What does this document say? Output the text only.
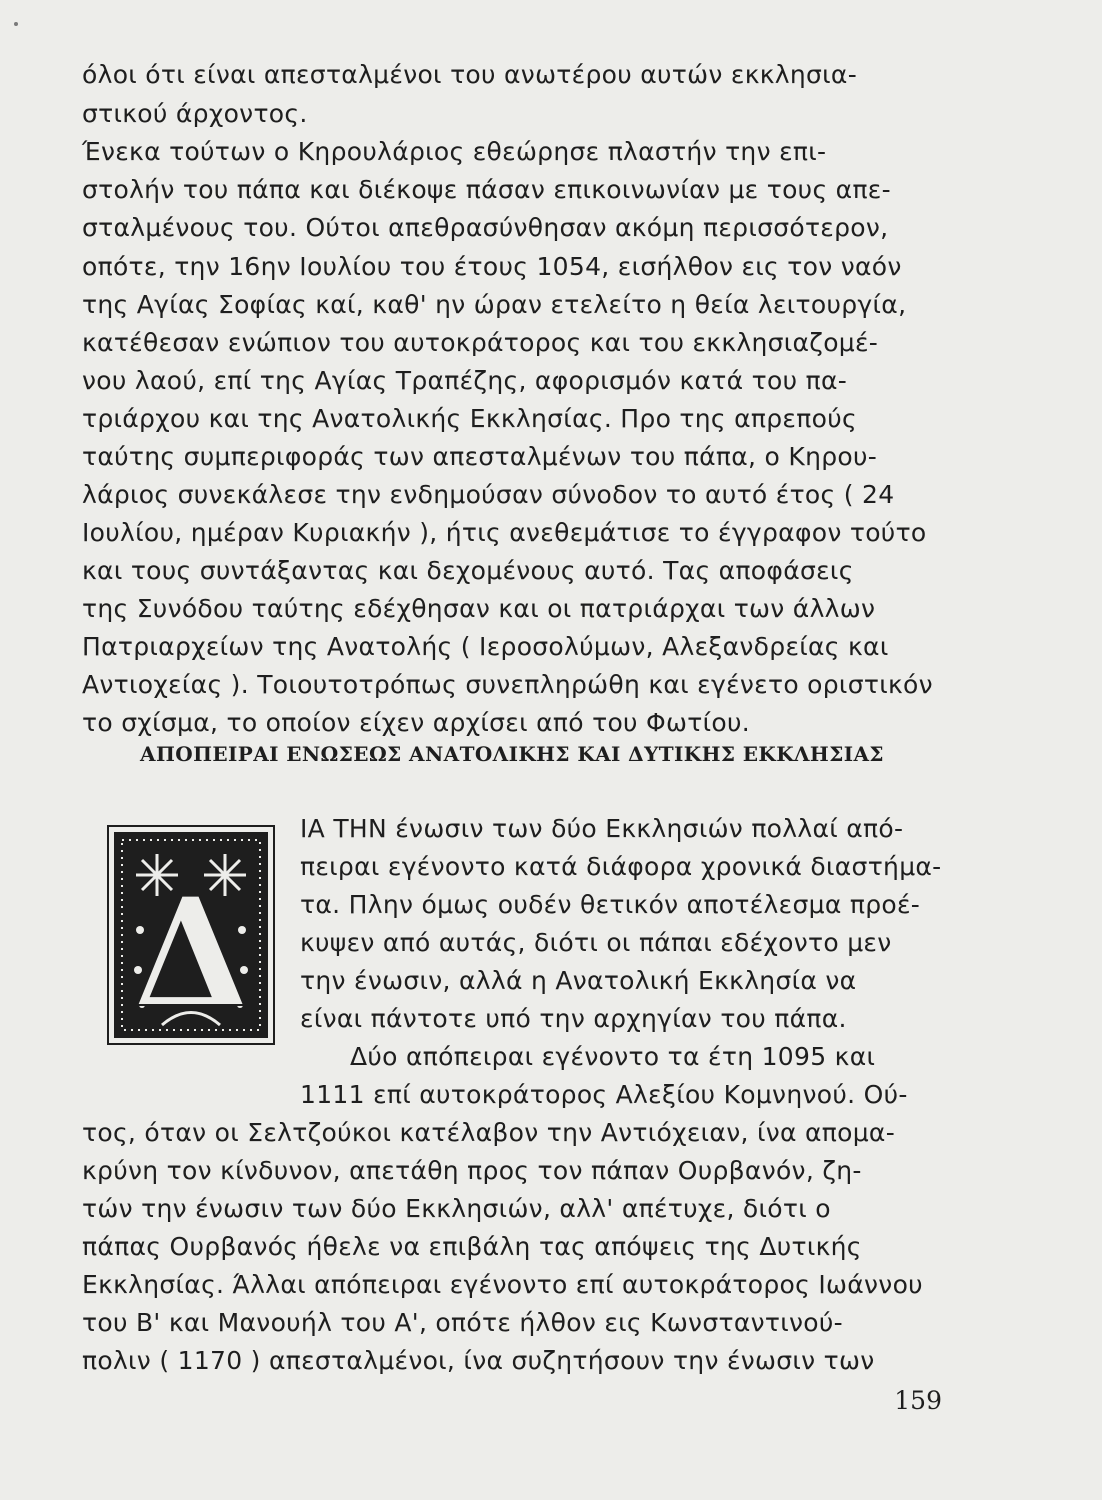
όλοι ότι είναι απεσταλμένοι του ανωτέρου αυτών εκκλησια-
στικού άρχοντος.
Ένεκα τούτων ο Κηρουλάριος εθεώρησε πλαστήν την επι-
στολήν του πάπα και διέκοψε πάσαν επικοινωνίαν με τους απε-
σταλμένους του. Ούτοι απεθρασύνθησαν ακόμη περισσότερον,
οπότε, την 16ην Ιουλίου του έτους 1054, εισήλθον εις τον ναόν
της Αγίας Σοφίας καί, καθ' ην ώραν ετελείτο η θεία λειτουργία,
κατέθεσαν ενώπιον του αυτοκράτορος και του εκκλησιαζομέ-
νου λαού, επί της Αγίας Τραπέζης, αφορισμόν κατά του πα-
τριάρχου και της Ανατολικής Εκκλησίας. Προ της απρεπούς
ταύτης συμπεριφοράς των απεσταλμένων του πάπα, ο Κηρου-
λάριος συνεκάλεσε την ενδημούσαν σύνοδον το αυτό έτος ( 24
Ιουλίου, ημέραν Κυριακήν ), ήτις ανεθεμάτισε το έγγραφον τούτο
και τους συντάξαντας και δεχομένους αυτό. Τας αποφάσεις
της Συνόδου ταύτης εδέχθησαν και οι πατριάρχαι των άλλων
Πατριαρχείων της Ανατολής ( Ιεροσολύμων, Αλεξανδρείας και
Αντιοχείας ). Τοιουτοτρόπως συνεπληρώθη και εγένετο οριστικόν
το σχίσμα, το οποίον είχεν αρχίσει από του Φωτίου.
ΑΠΟΠΕΙΡΑΙ ΕΝΩΣΕΩΣ ΑΝΑΤΟΛΙΚΗΣ ΚΑΙ ΔΥΤΙΚΗΣ ΕΚΚΛΗΣΙΑΣ
Δ
ΙΑ ΤΗΝ ένωσιν των δύο Εκκλησιών πολλαί από-
πειραι εγένοντο κατά διάφορα χρονικά διαστήμα-
τα. Πλην όμως ουδέν θετικόν αποτέλεσμα προέ-
κυψεν από αυτάς, διότι οι πάπαι εδέχοντο μεν
την ένωσιν, αλλά η Ανατολική Εκκλησία να
είναι πάντοτε υπό την αρχηγίαν του πάπα.
Δύο απόπειραι εγένοντο τα έτη 1095 και
1111 επί αυτοκράτορος Αλεξίου Κομνηνού. Ού-
τος, όταν οι Σελτζούκοι κατέλαβον την Αντιόχειαν, ίνα απομα-
κρύνη τον κίνδυνον, απετάθη προς τον πάπαν Ουρβανόν, ζη-
τών την ένωσιν των δύο Εκκλησιών, αλλ' απέτυχε, διότι ο
πάπας Ουρβανός ήθελε να επιβάλη τας απόψεις της Δυτικής
Εκκλησίας. Άλλαι απόπειραι εγένοντο επί αυτοκράτορος Ιωάννου
του Β' και Μανουήλ του Α', οπότε ήλθον εις Κωνσταντινού-
πολιν ( 1170 ) απεσταλμένοι, ίνα συζητήσουν την ένωσιν των
159
